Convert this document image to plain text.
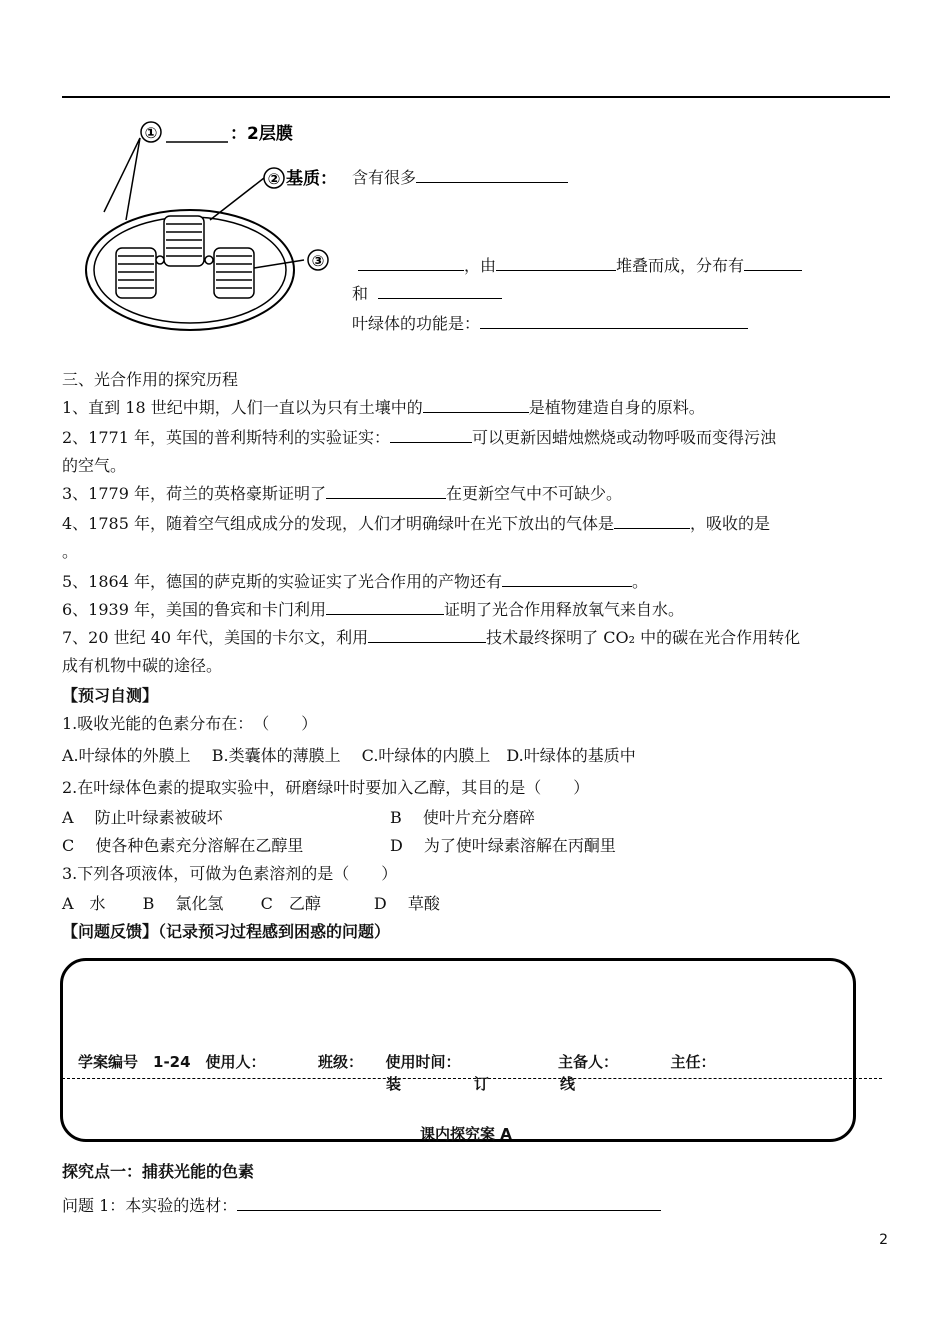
①	：2层膜
② 基质：
③
含有很多
，由	堆叠而成，分布有
和
叶绿体的功能是：
三、光合作用的探究历程
1、直到 18 世纪中期，人们一直以为只有土壤中的	是植物建造自身的原料。
2、1771 年，英国的普利斯特利的实验证实：	可以更新因蜡烛燃烧或动物呼吸而变得污浊
的空气。
3、1779 年，荷兰的英格豪斯证明了	在更新空气中不可缺少。
4、1785 年，随着空气组成成分的发现，人们才明确绿叶在光下放出的气体是	，吸收的是
。
5、1864 年，德国的萨克斯的实验证实了光合作用的产物还有	。
6、1939 年，美国的鲁宾和卡门利用	证明了光合作用释放氧气来自水。
7、20 世纪 40 年代，美国的卡尔文，利用	技术最终探明了 CO₂ 中的碳在光合作用转化
成有机物中碳的途径。
【预习自测】
1.吸收光能的色素分布在：　（　　）
A.叶绿体的外膜上　 B.类囊体的薄膜上　 C.叶绿体的内膜上　D.叶绿体的基质中
2.在叶绿体色素的提取实验中，研磨绿叶时要加入乙醇，其目的是（　　）
A　 防止叶绿素被破坏	B　 使叶片充分磨碎
C　 使各种色素充分溶解在乙醇里	D　 为了使叶绿素溶解在丙酮里
3.下列各项液体，可做为色素溶剂的是（　　）
A　水　　 B　 氯化氢　　 C　乙醇　　　 D　 草酸
【问题反馈】（记录预习过程感到困惑的问题）
学案编号　1-24　使用人：　　　　班级：　　使用时间：　　　　　　　主备人：　　　　主任：
装	订	线
课内探究案 A
探究点一：捕获光能的色素
问题 1：本实验的选材：
2
